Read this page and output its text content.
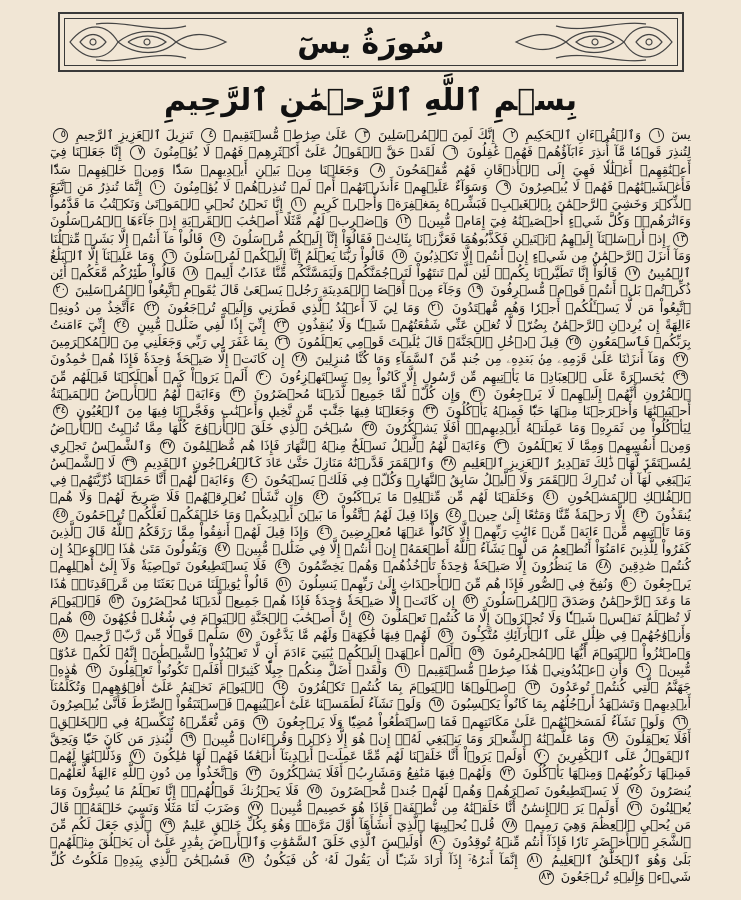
سُورَةُ يسٓ
بِسۡمِ ٱللَّهِ ٱلرَّحۡمَٰنِ ٱلرَّحِيمِ
يسٓ ١ وَٱلۡقُرۡءَانِ ٱلۡحَكِيمِ ٢ إِنَّكَ لَمِنَ ٱلۡمُرۡسَلِينَ ٣ عَلَىٰ صِرَٰطٖ مُّسۡتَقِيمٖ ٤ تَنزِيلَ ٱلۡعَزِيزِ ٱلرَّحِيمِ ٥ لِتُنذِرَ قَوۡمٗا مَّآ أُنذِرَ ءَابَآؤُهُمۡ فَهُمۡ غَٰفِلُونَ ٦ لَقَدۡ حَقَّ ٱلۡقَوۡلُ عَلَىٰٓ أَكۡثَرِهِمۡ فَهُمۡ لَا يُؤۡمِنُونَ ٧ إِنَّا جَعَلۡنَا فِيٓ أَعۡنَٰقِهِمۡ أَغۡلَٰلٗا فَهِيَ إِلَى ٱلۡأَذۡقَانِ فَهُم مُّقۡمَحُونَ ٨ وَجَعَلۡنَا مِنۢ بَيۡنِ أَيۡدِيهِمۡ سَدّٗا وَمِنۡ خَلۡفِهِمۡ سَدّٗا فَأَغۡشَيۡنَٰهُمۡ فَهُمۡ لَا يُبۡصِرُونَ ٩ وَسَوَآءٌ عَلَيۡهِمۡ ءَأَنذَرۡتَهُمۡ أَمۡ لَمۡ تُنذِرۡهُمۡ لَا يُؤۡمِنُونَ ١٠ إِنَّمَا تُنذِرُ مَنِ ٱتَّبَعَ ٱلذِّكۡرَ وَخَشِيَ ٱلرَّحۡمَٰنَ بِٱلۡغَيۡبِۖ فَبَشِّرۡهُ بِمَغۡفِرَةٖ وَأَجۡرٖ كَرِيمٍ ١١ إِنَّا نَحۡنُ نُحۡيِ ٱلۡمَوۡتَىٰ وَنَكۡتُبُ مَا قَدَّمُواْ وَءَاثَٰرَهُمۡۚ وَكُلَّ شَيۡءٍ أَحۡصَيۡنَٰهُ فِيٓ إِمَامٖ مُّبِينٖ ١٢ وَٱضۡرِبۡ لَهُم مَّثَلًا أَصۡحَٰبَ ٱلۡقَرۡيَةِ إِذۡ جَآءَهَا ٱلۡمُرۡسَلُونَ ١٣ إِذۡ أَرۡسَلۡنَآ إِلَيۡهِمُ ٱثۡنَيۡنِ فَكَذَّبُوهُمَا فَعَزَّزۡنَا بِثَالِثٖ فَقَالُوٓاْ إِنَّآ إِلَيۡكُم مُّرۡسَلُونَ ١٤ قَالُواْ مَآ أَنتُمۡ إِلَّا بَشَرٞ مِّثۡلُنَا وَمَآ أَنزَلَ ٱلرَّحۡمَٰنُ مِن شَيۡءٍ إِنۡ أَنتُمۡ إِلَّا تَكۡذِبُونَ ١٥ قَالُواْ رَبُّنَا يَعۡلَمُ إِنَّآ إِلَيۡكُمۡ لَمُرۡسَلُونَ ١٦ وَمَا عَلَيۡنَآ إِلَّا ٱلۡبَلَٰغُ ٱلۡمُبِينُ ١٧ قَالُوٓاْ إِنَّا تَطَيَّرۡنَا بِكُمۡۖ لَئِن لَّمۡ تَنتَهُواْ لَنَرۡجُمَنَّكُمۡ وَلَيَمَسَّنَّكُم مِّنَّا عَذَابٌ أَلِيمٞ ١٨ قَالُواْ طَٰٓئِرُكُم مَّعَكُمۡ أَئِن ذُكِّرۡتُمۚ بَلۡ أَنتُمۡ قَوۡمٞ مُّسۡرِفُونَ ١٩ وَجَآءَ مِنۡ أَقۡصَا ٱلۡمَدِينَةِ رَجُلٞ يَسۡعَىٰ قَالَ يَٰقَوۡمِ ٱتَّبِعُواْ ٱلۡمُرۡسَلِينَ ٢٠ ٱتَّبِعُواْ مَن لَّا يَسۡـَٔلُكُمۡ أَجۡرٗا وَهُم مُّهۡتَدُونَ ٢١ وَمَا لِيَ لَآ أَعۡبُدُ ٱلَّذِي فَطَرَنِي وَإِلَيۡهِ تُرۡجَعُونَ ٢٢ ءَأَتَّخِذُ مِن دُونِهِۦٓ ءَالِهَةً إِن يُرِدۡنِ ٱلرَّحۡمَٰنُ بِضُرّٖ لَّا تُغۡنِ عَنِّي شَفَٰعَتُهُمۡ شَيۡـٔٗا وَلَا يُنقِذُونِ ٢٣ إِنِّيٓ إِذٗا لَّفِي ضَلَٰلٖ مُّبِينٍ ٢٤ إِنِّيٓ ءَامَنتُ بِرَبِّكُمۡ فَٱسۡمَعُونِ ٢٥ قِيلَ ٱدۡخُلِ ٱلۡجَنَّةَۖ قَالَ يَٰلَيۡتَ قَوۡمِي يَعۡلَمُونَ ٢٦ بِمَا غَفَرَ لِي رَبِّي وَجَعَلَنِي مِنَ ٱلۡمُكۡرَمِينَ ٢٧ وَمَآ أَنزَلۡنَا عَلَىٰ قَوۡمِهِۦ مِنۢ بَعۡدِهِۦ مِن جُندٖ مِّنَ ٱلسَّمَآءِ وَمَا كُنَّا مُنزِلِينَ ٢٨ إِن كَانَتۡ إِلَّا صَيۡحَةٗ وَٰحِدَةٗ فَإِذَا هُمۡ خَٰمِدُونَ ٢٩ يَٰحَسۡرَةً عَلَى ٱلۡعِبَادِۚ مَا يَأۡتِيهِم مِّن رَّسُولٍ إِلَّا كَانُواْ بِهِۦ يَسۡتَهۡزِءُونَ ٣٠ أَلَمۡ يَرَوۡاْ كَمۡ أَهۡلَكۡنَا قَبۡلَهُم مِّنَ ٱلۡقُرُونِ أَنَّهُمۡ إِلَيۡهِمۡ لَا يَرۡجِعُونَ ٣١ وَإِن كُلّٞ لَّمَّا جَمِيعٞ لَّدَيۡنَا مُحۡضَرُونَ ٣٢ وَءَايَةٞ لَّهُمُ ٱلۡأَرۡضُ ٱلۡمَيۡتَةُ أَحۡيَيۡنَٰهَا وَأَخۡرَجۡنَا مِنۡهَا حَبّٗا فَمِنۡهُ يَأۡكُلُونَ ٣٣ وَجَعَلۡنَا فِيهَا جَنَّٰتٖ مِّن نَّخِيلٖ وَأَعۡنَٰبٖ وَفَجَّرۡنَا فِيهَا مِنَ ٱلۡعُيُونِ ٣٤ لِيَأۡكُلُواْ مِن ثَمَرِهِۦ وَمَا عَمِلَتۡهُ أَيۡدِيهِمۡۚ أَفَلَا يَشۡكُرُونَ ٣٥ سُبۡحَٰنَ ٱلَّذِي خَلَقَ ٱلۡأَزۡوَٰجَ كُلَّهَا مِمَّا تُنۢبِتُ ٱلۡأَرۡضُ وَمِنۡ أَنفُسِهِمۡ وَمِمَّا لَا يَعۡلَمُونَ ٣٦ وَءَايَةٞ لَّهُمُ ٱلَّيۡلُ نَسۡلَخُ مِنۡهُ ٱلنَّهَارَ فَإِذَا هُم مُّظۡلِمُونَ ٣٧ وَٱلشَّمۡسُ تَجۡرِي لِمُسۡتَقَرّٖ لَّهَاۚ ذَٰلِكَ تَقۡدِيرُ ٱلۡعَزِيزِ ٱلۡعَلِيمِ ٣٨ وَٱلۡقَمَرَ قَدَّرۡنَٰهُ مَنَازِلَ حَتَّىٰ عَادَ كَٱلۡعُرۡجُونِ ٱلۡقَدِيمِ ٣٩ لَا ٱلشَّمۡسُ يَنۢبَغِي لَهَآ أَن تُدۡرِكَ ٱلۡقَمَرَ وَلَا ٱلَّيۡلُ سَابِقُ ٱلنَّهَارِۚ وَكُلّٞ فِي فَلَكٖ يَسۡبَحُونَ ٤٠ وَءَايَةٞ لَّهُمۡ أَنَّا حَمَلۡنَا ذُرِّيَّتَهُمۡ فِي ٱلۡفُلۡكِ ٱلۡمَشۡحُونِ ٤١ وَخَلَقۡنَا لَهُم مِّن مِّثۡلِهِۦ مَا يَرۡكَبُونَ ٤٢ وَإِن نَّشَأۡ نُغۡرِقۡهُمۡ فَلَا صَرِيخَ لَهُمۡ وَلَا هُمۡ يُنقَذُونَ ٤٣ إِلَّا رَحۡمَةٗ مِّنَّا وَمَتَٰعًا إِلَىٰ حِينٖ ٤٤ وَإِذَا قِيلَ لَهُمُ ٱتَّقُواْ مَا بَيۡنَ أَيۡدِيكُمۡ وَمَا خَلۡفَكُمۡ لَعَلَّكُمۡ تُرۡحَمُونَ ٤٥ وَمَا تَأۡتِيهِم مِّنۡ ءَايَةٖ مِّنۡ ءَايَٰتِ رَبِّهِمۡ إِلَّا كَانُواْ عَنۡهَا مُعۡرِضِينَ ٤٦ وَإِذَا قِيلَ لَهُمۡ أَنفِقُواْ مِمَّا رَزَقَكُمُ ٱللَّهُ قَالَ ٱلَّذِينَ كَفَرُواْ لِلَّذِينَ ءَامَنُوٓاْ أَنُطۡعِمُ مَن لَّوۡ يَشَآءُ ٱللَّهُ أَطۡعَمَهُۥٓ إِنۡ أَنتُمۡ إِلَّا فِي ضَلَٰلٖ مُّبِينٖ ٤٧ وَيَقُولُونَ مَتَىٰ هَٰذَا ٱلۡوَعۡدُ إِن كُنتُمۡ صَٰدِقِينَ ٤٨ مَا يَنظُرُونَ إِلَّا صَيۡحَةٗ وَٰحِدَةٗ تَأۡخُذُهُمۡ وَهُمۡ يَخِصِّمُونَ ٤٩ فَلَا يَسۡتَطِيعُونَ تَوۡصِيَةٗ وَلَآ إِلَىٰٓ أَهۡلِهِمۡ يَرۡجِعُونَ ٥٠ وَنُفِخَ فِي ٱلصُّورِ فَإِذَا هُم مِّنَ ٱلۡأَجۡدَاثِ إِلَىٰ رَبِّهِمۡ يَنسِلُونَ ٥١ قَالُواْ يَٰوَيۡلَنَا مَنۢ بَعَثَنَا مِن مَّرۡقَدِنَاۜۗ هَٰذَا مَا وَعَدَ ٱلرَّحۡمَٰنُ وَصَدَقَ ٱلۡمُرۡسَلُونَ ٥٢ إِن كَانَتۡ إِلَّا صَيۡحَةٗ وَٰحِدَةٗ فَإِذَا هُمۡ جَمِيعٞ لَّدَيۡنَا مُحۡضَرُونَ ٥٣ فَٱلۡيَوۡمَ لَا تُظۡلَمُ نَفۡسٞ شَيۡـٔٗا وَلَا تُجۡزَوۡنَ إِلَّا مَا كُنتُمۡ تَعۡمَلُونَ ٥٤ إِنَّ أَصۡحَٰبَ ٱلۡجَنَّةِ ٱلۡيَوۡمَ فِي شُغُلٖ فَٰكِهُونَ ٥٥ هُمۡ وَأَزۡوَٰجُهُمۡ فِي ظِلَٰلٍ عَلَى ٱلۡأَرَآئِكِ مُتَّكِـُٔونَ ٥٦ لَهُمۡ فِيهَا فَٰكِهَةٞ وَلَهُم مَّا يَدَّعُونَ ٥٧ سَلَٰمٞ قَوۡلٗا مِّن رَّبّٖ رَّحِيمٖ ٥٨ وَٱمۡتَٰزُواْ ٱلۡيَوۡمَ أَيُّهَا ٱلۡمُجۡرِمُونَ ٥٩ ۞أَلَمۡ أَعۡهَدۡ إِلَيۡكُمۡ يَٰبَنِيٓ ءَادَمَ أَن لَّا تَعۡبُدُواْ ٱلشَّيۡطَٰنَۖ إِنَّهُۥ لَكُمۡ عَدُوّٞ مُّبِينٞ ٦٠ وَأَنِ ٱعۡبُدُونِيۚ هَٰذَا صِرَٰطٞ مُّسۡتَقِيمٞ ٦١ وَلَقَدۡ أَضَلَّ مِنكُمۡ جِبِلّٗا كَثِيرًاۖ أَفَلَمۡ تَكُونُواْ تَعۡقِلُونَ ٦٢ هَٰذِهِۦ جَهَنَّمُ ٱلَّتِي كُنتُمۡ تُوعَدُونَ ٦٣ ٱصۡلَوۡهَا ٱلۡيَوۡمَ بِمَا كُنتُمۡ تَكۡفُرُونَ ٦٤ ٱلۡيَوۡمَ نَخۡتِمُ عَلَىٰٓ أَفۡوَٰهِهِمۡ وَتُكَلِّمُنَآ أَيۡدِيهِمۡ وَتَشۡهَدُ أَرۡجُلُهُم بِمَا كَانُواْ يَكۡسِبُونَ ٦٥ وَلَوۡ نَشَآءُ لَطَمَسۡنَا عَلَىٰٓ أَعۡيُنِهِمۡ فَٱسۡتَبَقُواْ ٱلصِّرَٰطَ فَأَنَّىٰ يُبۡصِرُونَ ٦٦ وَلَوۡ نَشَآءُ لَمَسَخۡنَٰهُمۡ عَلَىٰ مَكَانَتِهِمۡ فَمَا ٱسۡتَطَٰعُواْ مُضِيّٗا وَلَا يَرۡجِعُونَ ٦٧ وَمَن نُّعَمِّرۡهُ نُنَكِّسۡهُ فِي ٱلۡخَلۡقِۚ أَفَلَا يَعۡقِلُونَ ٦٨ وَمَا عَلَّمۡنَٰهُ ٱلشِّعۡرَ وَمَا يَنۢبَغِي لَهُۥٓۚ إِنۡ هُوَ إِلَّا ذِكۡرٞ وَقُرۡءَانٞ مُّبِينٞ ٦٩ لِّيُنذِرَ مَن كَانَ حَيّٗا وَيَحِقَّ ٱلۡقَوۡلُ عَلَى ٱلۡكَٰفِرِينَ ٧٠ أَوَلَمۡ يَرَوۡاْ أَنَّا خَلَقۡنَا لَهُم مِّمَّا عَمِلَتۡ أَيۡدِينَآ أَنۡعَٰمٗا فَهُمۡ لَهَا مَٰلِكُونَ ٧١ وَذَلَّلۡنَٰهَا لَهُمۡ فَمِنۡهَا رَكُوبُهُمۡ وَمِنۡهَا يَأۡكُلُونَ ٧٢ وَلَهُمۡ فِيهَا مَنَٰفِعُ وَمَشَارِبُۚ أَفَلَا يَشۡكُرُونَ ٧٣ وَٱتَّخَذُواْ مِن دُونِ ٱللَّهِ ءَالِهَةٗ لَّعَلَّهُمۡ يُنصَرُونَ ٧٤ لَا يَسۡتَطِيعُونَ نَصۡرَهُمۡ وَهُمۡ لَهُمۡ جُندٞ مُّحۡضَرُونَ ٧٥ فَلَا يَحۡزُنكَ قَوۡلُهُمۡۘ إِنَّا نَعۡلَمُ مَا يُسِرُّونَ وَمَا يُعۡلِنُونَ ٧٦ أَوَلَمۡ يَرَ ٱلۡإِنسَٰنُ أَنَّا خَلَقۡنَٰهُ مِن نُّطۡفَةٖ فَإِذَا هُوَ خَصِيمٞ مُّبِينٞ ٧٧ وَضَرَبَ لَنَا مَثَلٗا وَنَسِيَ خَلۡقَهُۥۖ قَالَ مَن يُحۡيِ ٱلۡعِظَٰمَ وَهِيَ رَمِيمٞ ٧٨ قُلۡ يُحۡيِيهَا ٱلَّذِيٓ أَنشَأَهَآ أَوَّلَ مَرَّةٖۖ وَهُوَ بِكُلِّ خَلۡقٍ عَلِيمٌ ٧٩ ٱلَّذِي جَعَلَ لَكُم مِّنَ ٱلشَّجَرِ ٱلۡأَخۡضَرِ نَارٗا فَإِذَآ أَنتُم مِّنۡهُ تُوقِدُونَ ٨٠ أَوَلَيۡسَ ٱلَّذِي خَلَقَ ٱلسَّمَٰوَٰتِ وَٱلۡأَرۡضَ بِقَٰدِرٍ عَلَىٰٓ أَن يَخۡلُقَ مِثۡلَهُمۚ بَلَىٰ وَهُوَ ٱلۡخَلَّٰقُ ٱلۡعَلِيمُ ٨١ إِنَّمَآ أَمۡرُهُۥٓ إِذَآ أَرَادَ شَيۡـًٔا أَن يَقُولَ لَهُۥ كُن فَيَكُونُ ٨٢ فَسُبۡحَٰنَ ٱلَّذِي بِيَدِهِۦ مَلَكُوتُ كُلِّ شَيۡءٖ وَإِلَيۡهِ تُرۡجَعُونَ ٨٣
